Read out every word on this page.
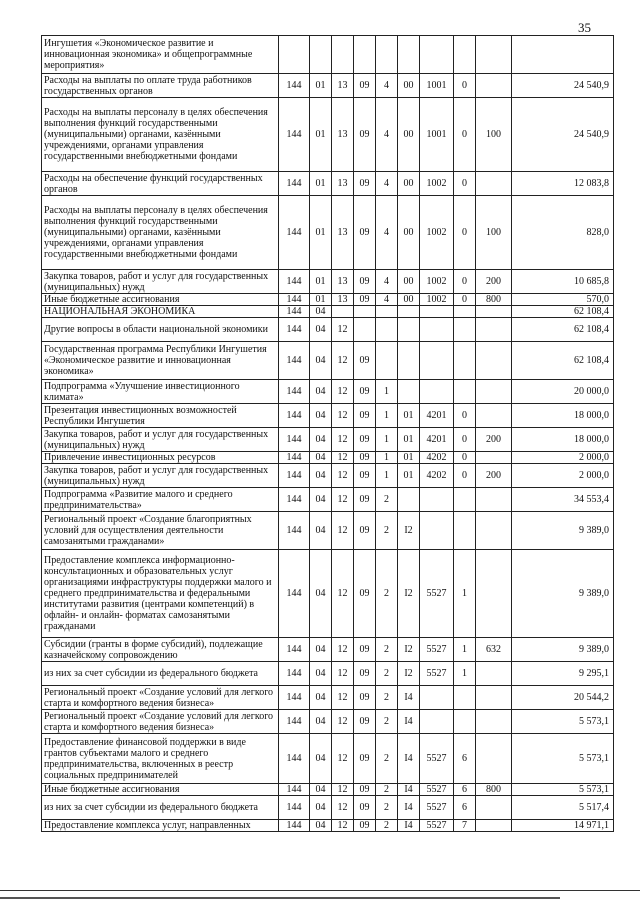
35
Ингушетия «Экономическое развитие и инновационная экономика» и общепрограммные мероприятия»										
Расходы на выплаты по оплате труда работников государственных органов	144	01	13	09	4	00	1001	0		24 540,9
Расходы на выплаты персоналу в целях обеспечения выполнения функций государственными (муниципальными) органами, казёнными учреждениями, органами управления государственными внебюджетными фондами	144	01	13	09	4	00	1001	0	100	24 540,9
Расходы на обеспечение функций государственных органов	144	01	13	09	4	00	1002	0		12 083,8
Расходы на выплаты персоналу в целях обеспечения выполнения функций государственными (муниципальными) органами, казёнными учреждениями, органами управления государственными внебюджетными фондами	144	01	13	09	4	00	1002	0	100	828,0
Закупка товаров, работ и услуг для государственных (муниципальных) нужд	144	01	13	09	4	00	1002	0	200	10 685,8
Иные бюджетные ассигнования	144	01	13	09	4	00	1002	0	800	570,0
НАЦИОНАЛЬНАЯ ЭКОНОМИКА	144	04								62 108,4
Другие вопросы в области национальной экономики	144	04	12							62 108,4
Государственная программа Республики Ингушетия «Экономическое развитие и инновационная экономика»	144	04	12	09						62 108,4
Подпрограмма «Улучшение инвестиционного климата»	144	04	12	09	1					20 000,0
Презентация инвестиционных возможностей Республики Ингушетия	144	04	12	09	1	01	4201	0		18 000,0
Закупка товаров, работ и услуг для государственных (муниципальных) нужд	144	04	12	09	1	01	4201	0	200	18 000,0
Привлечение инвестиционных ресурсов	144	04	12	09	1	01	4202	0		2 000,0
Закупка товаров, работ и услуг для государственных (муниципальных) нужд	144	04	12	09	1	01	4202	0	200	2 000,0
Подпрограмма «Развитие малого и среднего предпринимательства»	144	04	12	09	2					34 553,4
Региональный проект «Создание благоприятных условий для осуществления деятельности самозанятыми гражданами»	144	04	12	09	2	I2				9 389,0
Предоставление комплекса информационно-консультационных и образовательных услуг организациями инфраструктуры поддержки малого и среднего предпринимательства и федеральными институтами развития (центрами компетенций) в офлайн- и онлайн- форматах самозанятыми гражданами	144	04	12	09	2	I2	5527	1		9 389,0
Субсидии (гранты в форме субсидий), подлежащие казначейскому сопровождению	144	04	12	09	2	I2	5527	1	632	9 389,0
из них за счет субсидии из федерального бюджета	144	04	12	09	2	I2	5527	1		9 295,1
Региональный проект «Создание условий для легкого старта и комфортного ведения бизнеса»	144	04	12	09	2	I4				20 544,2
Региональный проект «Создание условий для легкого старта и комфортного ведения бизнеса»	144	04	12	09	2	I4				5 573,1
Предоставление финансовой поддержки в виде грантов субъектами малого и среднего предпринимательства, включенных в реестр социальных предпринимателей	144	04	12	09	2	I4	5527	6		5 573,1
Иные бюджетные ассигнования	144	04	12	09	2	I4	5527	6	800	5 573,1
из них за счет субсидии из федерального бюджета	144	04	12	09	2	I4	5527	6		5 517,4
Предоставление комплекса услуг, направленных	144	04	12	09	2	I4	5527	7		14 971,1
